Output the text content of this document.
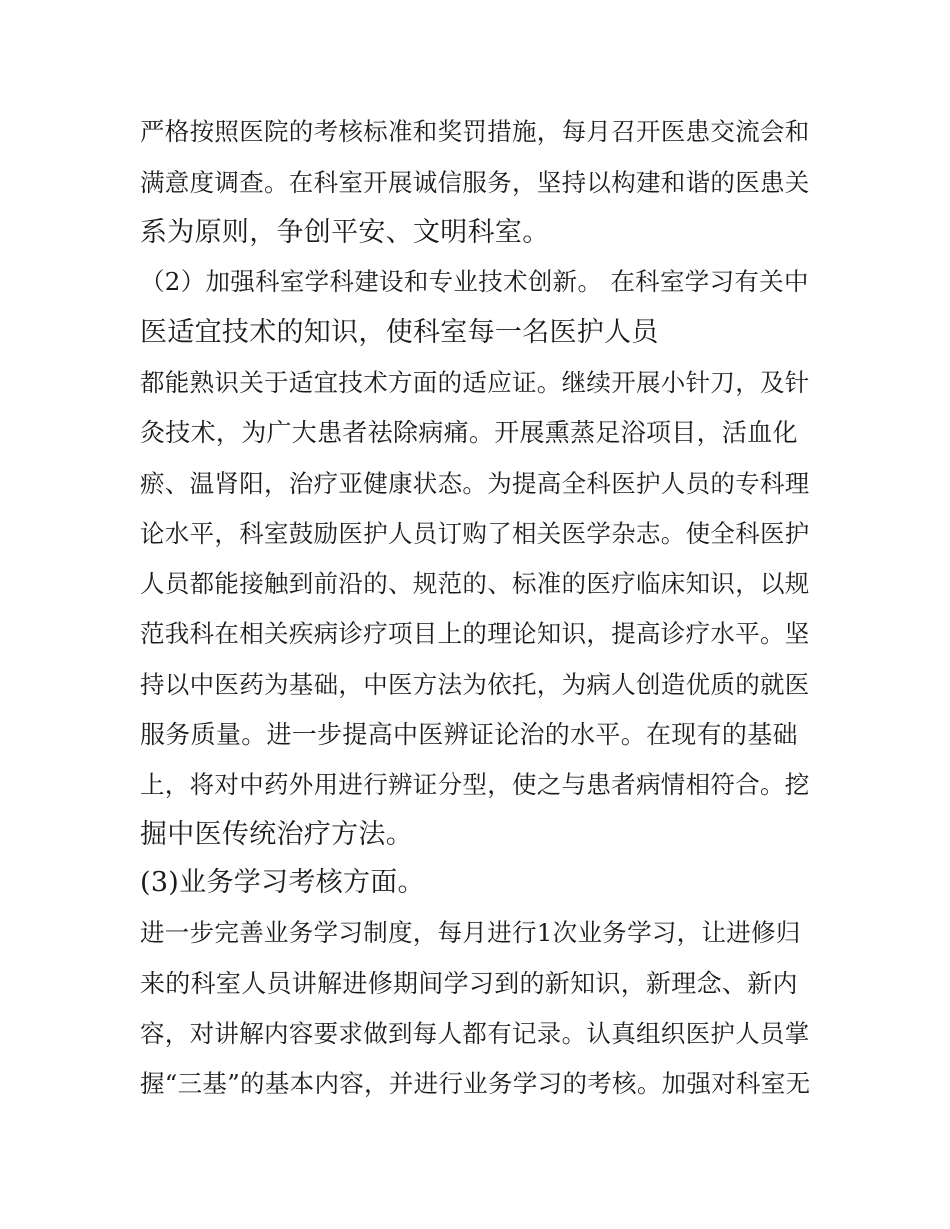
严格按照医院的考核标准和奖罚措施，每月召开医患交流会和
满意度调查。在科室开展诚信服务，坚持以构建和谐的医患关
系为原则，争创平安、文明科室。
（2）加强科室学科建设和专业技术创新。 在科室学习有关中
医适宜技术的知识，使科室每一名医护人员
都能熟识关于适宜技术方面的适应证。继续开展小针刀，及针
灸技术，为广大患者祛除病痛。开展熏蒸足浴项目，活血化
瘀、温肾阳，治疗亚健康状态。为提高全科医护人员的专科理
论水平，科室鼓励医护人员订购了相关医学杂志。使全科医护
人员都能接触到前沿的、规范的、标准的医疗临床知识，以规
范我科在相关疾病诊疗项目上的理论知识，提高诊疗水平。坚
持以中医药为基础，中医方法为依托，为病人创造优质的就医
服务质量。进一步提高中医辨证论治的水平。在现有的基础
上，将对中药外用进行辨证分型，使之与患者病情相符合。挖
掘中医传统治疗方法。
(3)业务学习考核方面。
进一步完善业务学习制度，每月进行1次业务学习，让进修归
来的科室人员讲解进修期间学习到的新知识，新理念、新内
容，对讲解内容要求做到每人都有记录。认真组织医护人员掌
握“三基”的基本内容，并进行业务学习的考核。加强对科室无
